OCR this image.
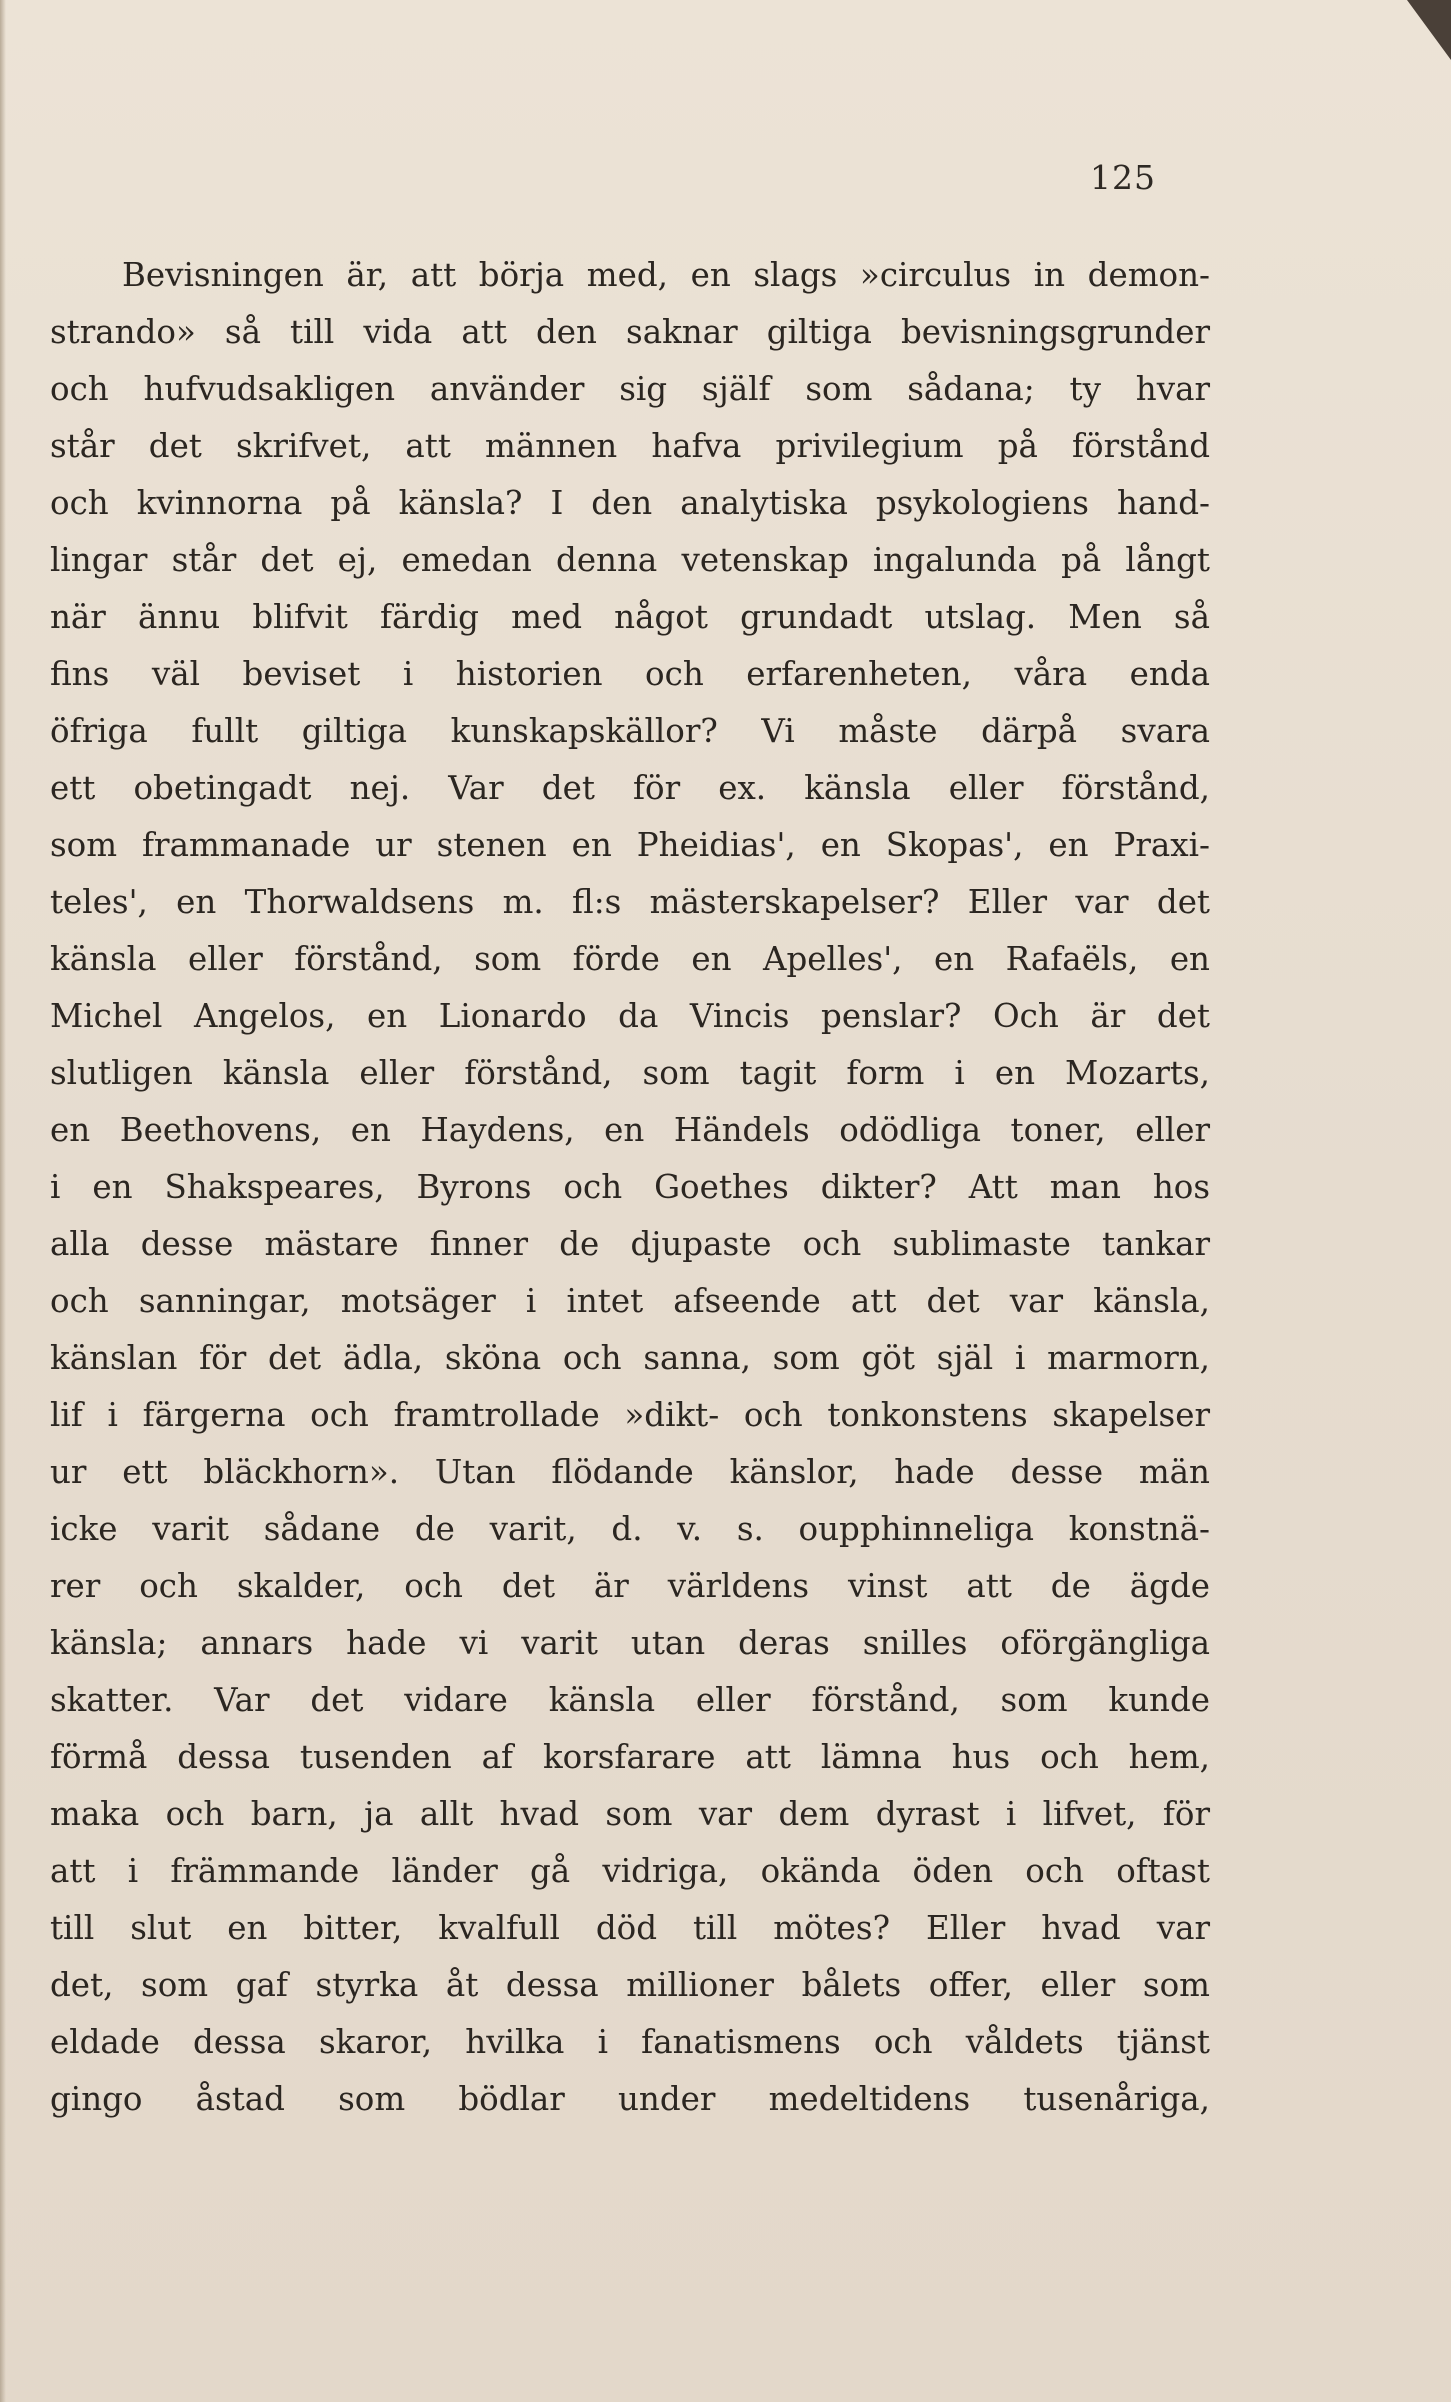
125
Bevisningen är, att börja med, en slags »circulus in demon-
strando» så till vida att den saknar giltiga bevisningsgrunder
och hufvudsakligen använder sig själf som sådana; ty hvar
står det skrifvet, att männen hafva privilegium på förstånd
och kvinnorna på känsla? I den analytiska psykologiens hand-
lingar står det ej, emedan denna vetenskap ingalunda på långt
när ännu blifvit färdig med något grundadt utslag. Men så
fins väl beviset i historien och erfarenheten, våra enda
öfriga fullt giltiga kunskapskällor? Vi måste därpå svara
ett obetingadt nej. Var det för ex. känsla eller förstånd,
som frammanade ur stenen en Pheidias', en Skopas', en Praxi-
teles', en Thorwaldsens m. fl:s mästerskapelser? Eller var det
känsla eller förstånd, som förde en Apelles', en Rafaëls, en
Michel Angelos, en Lionardo da Vincis penslar? Och är det
slutligen känsla eller förstånd, som tagit form i en Mozarts,
en Beethovens, en Haydens, en Händels odödliga toner, eller
i en Shakspeares, Byrons och Goethes dikter? Att man hos
alla desse mästare finner de djupaste och sublimaste tankar
och sanningar, motsäger i intet afseende att det var känsla,
känslan för det ädla, sköna och sanna, som göt själ i marmorn,
lif i färgerna och framtrollade »dikt- och tonkonstens skapelser
ur ett bläckhorn». Utan flödande känslor, hade desse män
icke varit sådane de varit, d. v. s. oupphinneliga konstnä-
rer och skalder, och det är världens vinst att de ägde
känsla; annars hade vi varit utan deras snilles oförgängliga
skatter. Var det vidare känsla eller förstånd, som kunde
förmå dessa tusenden af korsfarare att lämna hus och hem,
maka och barn, ja allt hvad som var dem dyrast i lifvet, för
att i främmande länder gå vidriga, okända öden och oftast
till slut en bitter, kvalfull död till mötes? Eller hvad var
det, som gaf styrka åt dessa millioner bålets offer, eller som
eldade dessa skaror, hvilka i fanatismens och våldets tjänst
gingo åstad som bödlar under medeltidens tusenåriga,
